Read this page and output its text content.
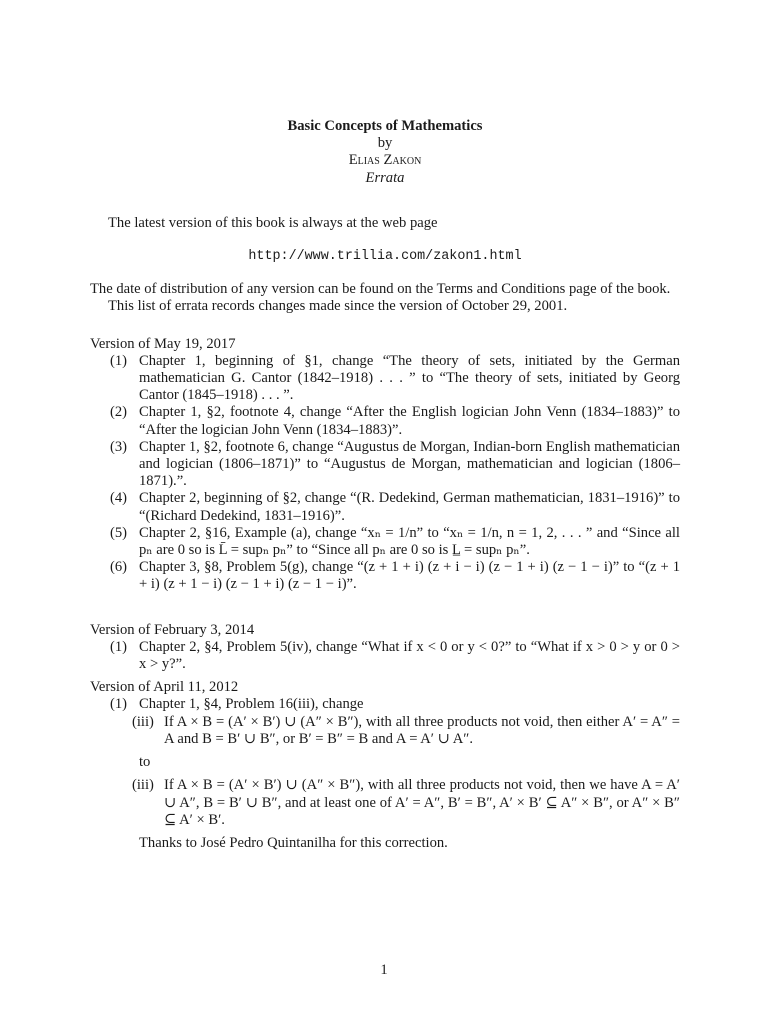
Basic Concepts of Mathematics

by

Elias Zakon

Errata

The latest version of this book is always at the web page

http://www.trillia.com/zakon1.html

The date of distribution of any version can be found on the Terms and Conditions page of the book.

This list of errata records changes made since the version of October 29, 2001.

Version of May 19, 2017

(1) Chapter 1, beginning of §1, change “The theory of sets, initiated by the German mathematician G. Cantor (1842–1918) . . . ” to “The theory of sets, initiated by Georg Cantor (1845–1918) . . . ”.
(2) Chapter 1, §2, footnote 4, change “After the English logician John Venn (1834–1883)” to “After the logician John Venn (1834–1883)”.
(3) Chapter 1, §2, footnote 6, change “Augustus de Morgan, Indian-born English mathematician and logician (1806–1871)” to “Augustus de Morgan, mathematician and logician (1806–1871).”.
(4) Chapter 2, beginning of §2, change “(R. Dedekind, German mathematician, 1831–1916)” to “(Richard Dedekind, 1831–1916)”.
(5) Chapter 2, §16, Example (a), change “xₙ = 1/n” to “xₙ = 1/n, n = 1, 2, . . . ” and “Since all pₙ are 0 so is L̄ = supₙ pₙ” to “Since all pₙ are 0 so is L̲ = supₙ pₙ”.
(6) Chapter 3, §8, Problem 5(g), change “(z + 1 + i) (z + i − i) (z − 1 + i) (z − 1 − i)” to “(z + 1 + i) (z + 1 − i) (z − 1 + i) (z − 1 − i)”.

Version of February 3, 2014

(1) Chapter 2, §4, Problem 5(iv), change “What if x < 0 or y < 0?” to “What if x > 0 > y or 0 > x > y?”.

Version of April 11, 2012

(1) Chapter 1, §4, Problem 16(iii), change

(iii) If A × B = (A′ × B′) ∪ (A″ × B″), with all three products not void, then either A′ = A″ = A and B = B′ ∪ B″, or B′ = B″ = B and A = A′ ∪ A″.

to

(iii) If A × B = (A′ × B′) ∪ (A″ × B″), with all three products not void, then we have A = A′ ∪ A″, B = B′ ∪ B″, and at least one of A′ = A″, B′ = B″, A′ × B′ ⊆ A″ × B″, or A″ × B″ ⊆ A′ × B′.

Thanks to José Pedro Quintanilha for this correction.

1
